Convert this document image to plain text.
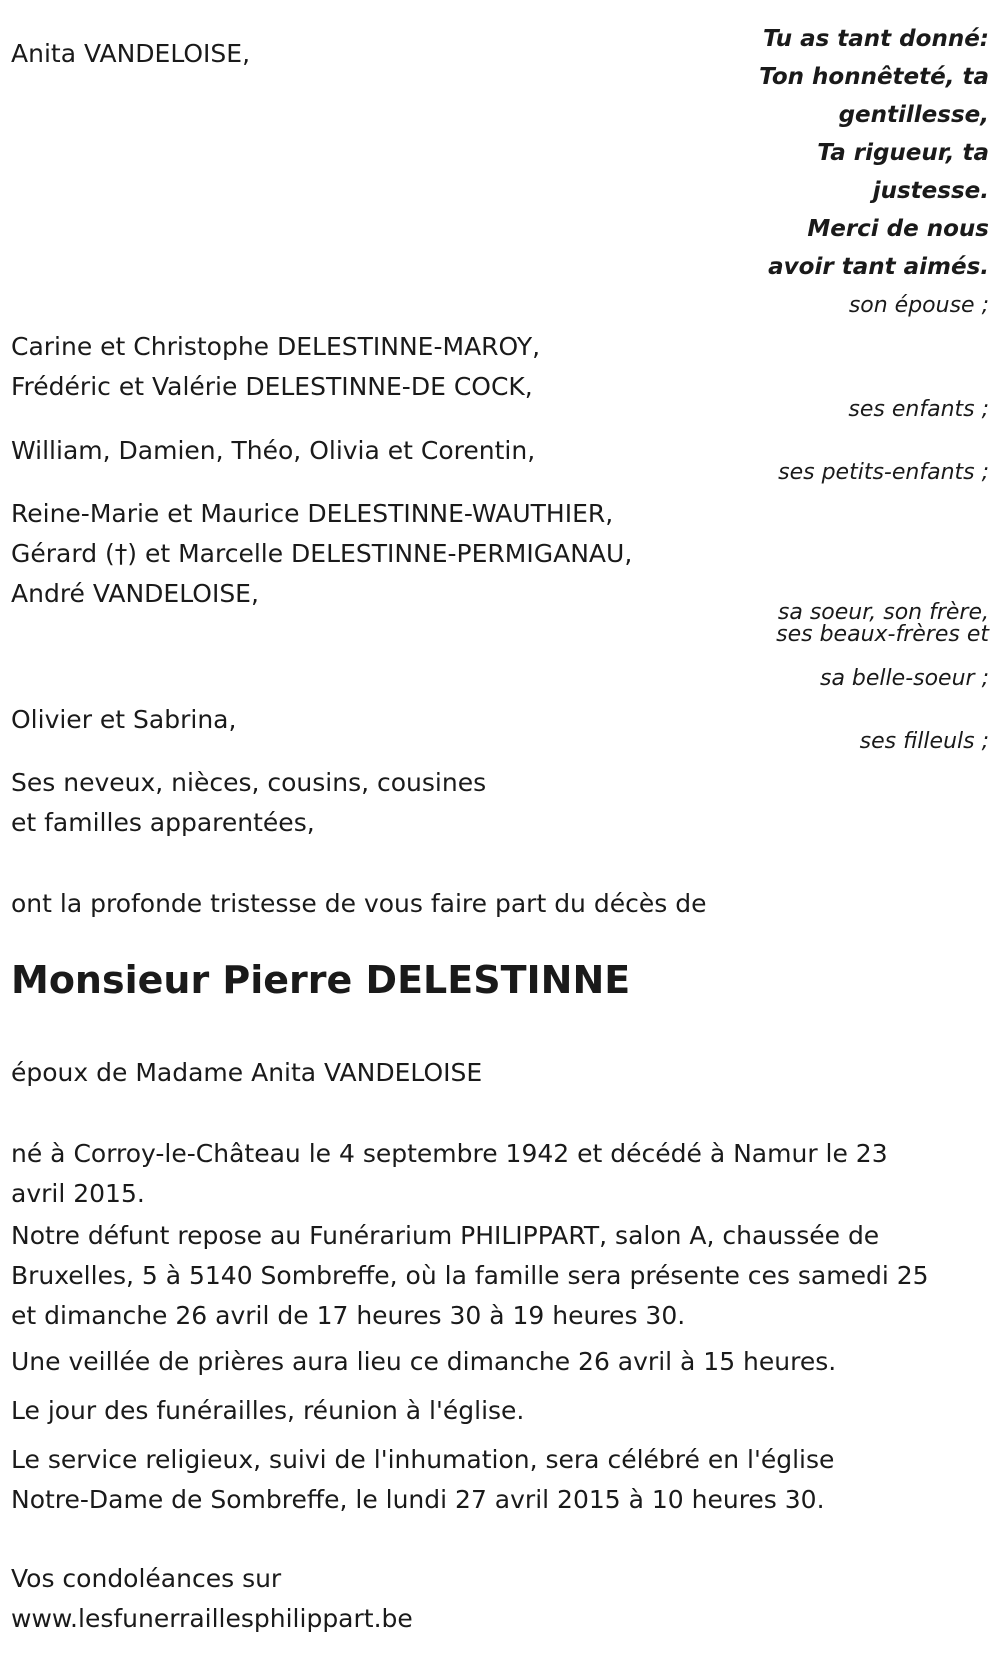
Tu as tant donné:
Ton honnêteté, ta
gentillesse,
Ta rigueur, ta
justesse.
Merci de nous
avoir tant aimés.
Anita VANDELOISE,
son épouse ;
Carine et Christophe DELESTINNE-MAROY,
Frédéric et Valérie DELESTINNE-DE COCK,
ses enfants ;
William, Damien, Théo, Olivia et Corentin,
ses petits-enfants ;
Reine-Marie et Maurice DELESTINNE-WAUTHIER,
Gérard (†) et Marcelle DELESTINNE-PERMIGANAU,
André VANDELOISE,
sa soeur, son frère,
ses beaux-frères et
sa belle-soeur ;
Olivier et Sabrina,
ses filleuls ;
Ses neveux, nièces, cousins, cousines
et familles apparentées,
ont la profonde tristesse de vous faire part du décès de
Monsieur Pierre DELESTINNE
époux de Madame Anita VANDELOISE
né à Corroy-le-Château le 4 septembre 1942 et décédé à Namur le 23
avril 2015.
Notre défunt repose au Funérarium PHILIPPART, salon A, chaussée de
Bruxelles, 5 à 5140 Sombreffe, où la famille sera présente ces samedi 25
et dimanche 26 avril de 17 heures 30 à 19 heures 30.
Une veillée de prières aura lieu ce dimanche 26 avril à 15 heures.
Le jour des funérailles, réunion à l'église.
Le service religieux, suivi de l'inhumation, sera célébré en l'église
Notre-Dame de Sombreffe, le lundi 27 avril 2015 à 10 heures 30.
Vos condoléances sur
www.lesfunerraillesphilippart.be
